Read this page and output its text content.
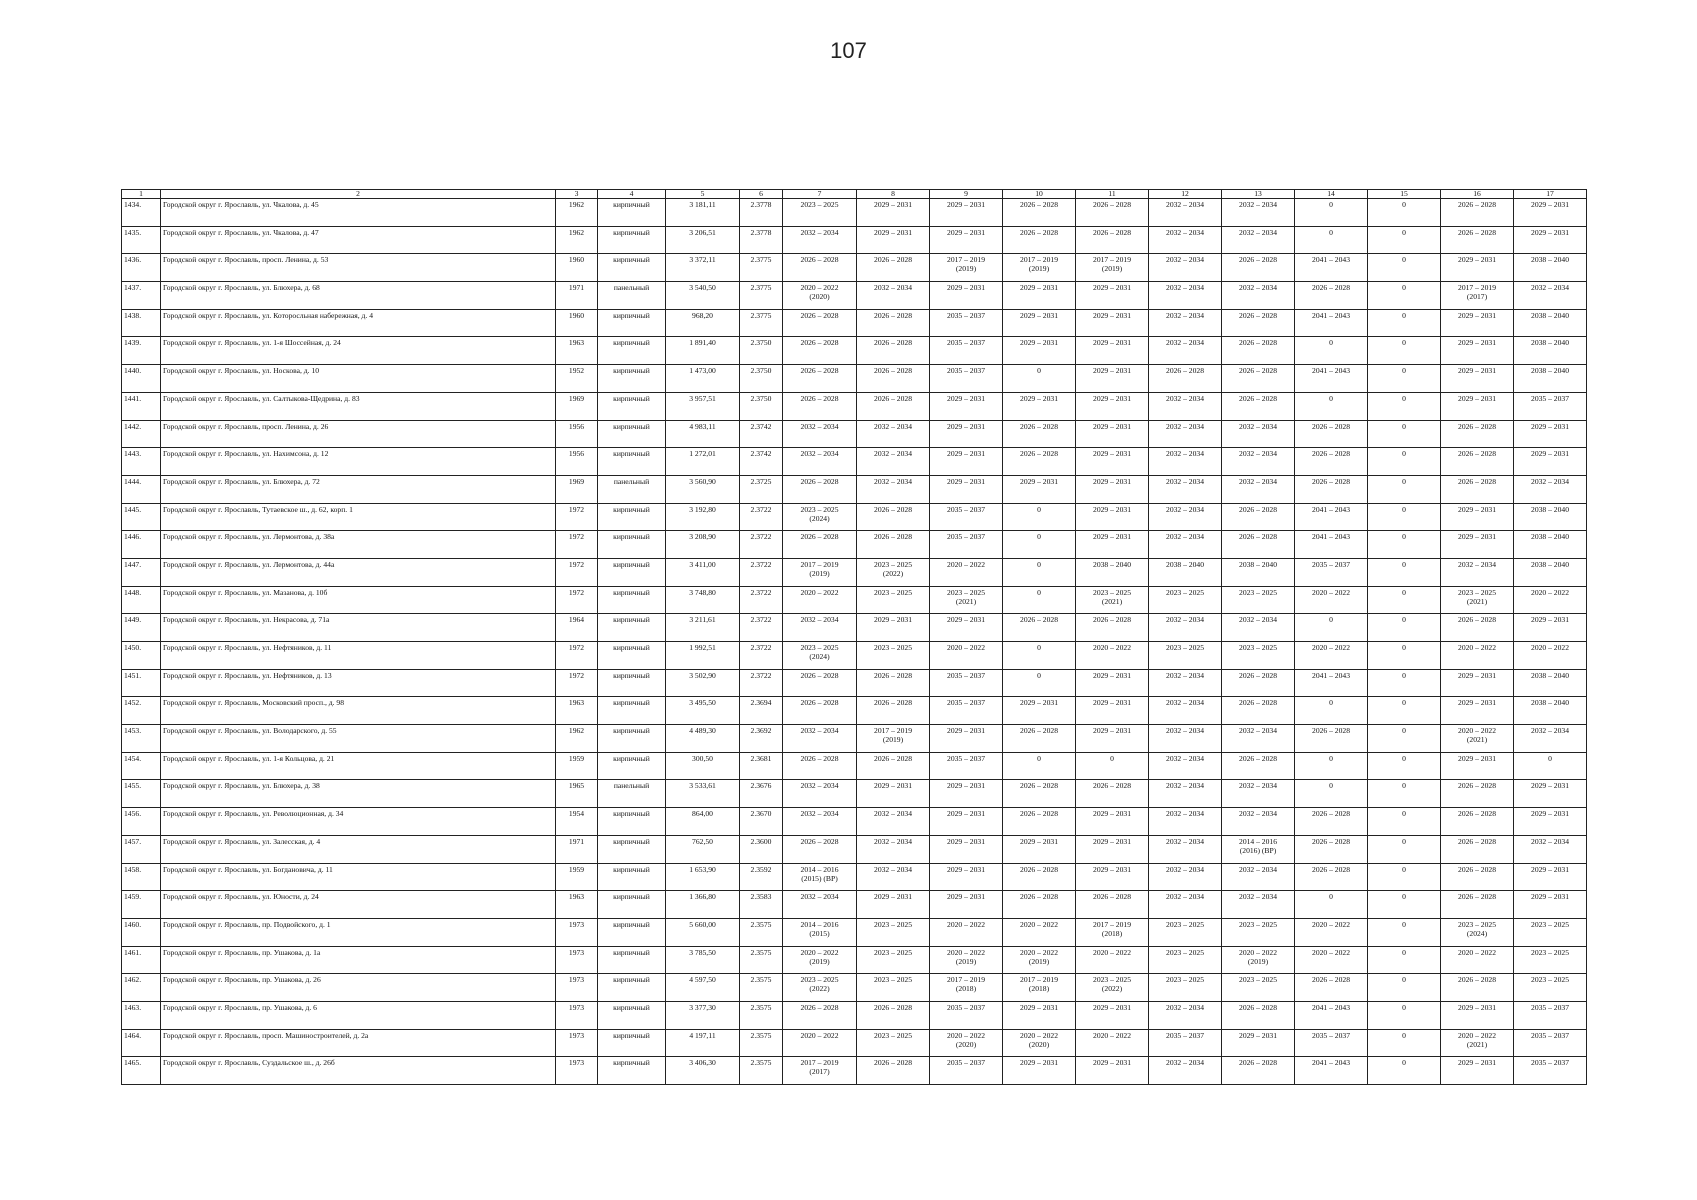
107
1	2	3	4	5	6	7	8	9	10	11	12	13	14	15	16	17
1434.	Городской округ г. Ярославль, ул. Чкалова, д. 45	1962	кирпичный	3 181,11	2.3778	2023 – 2025	2029 – 2031	2029 – 2031	2026 – 2028	2026 – 2028	2032 – 2034	2032 – 2034	0	0	2026 – 2028	2029 – 2031
1435.	Городской округ г. Ярославль, ул. Чкалова, д. 47	1962	кирпичный	3 206,51	2.3778	2032 – 2034	2029 – 2031	2029 – 2031	2026 – 2028	2026 – 2028	2032 – 2034	2032 – 2034	0	0	2026 – 2028	2029 – 2031
1436.	Городской округ г. Ярославль, просп. Ленина, д. 53	1960	кирпичный	3 372,11	2.3775	2026 – 2028	2026 – 2028	2017 – 2019
(2019)	2017 – 2019
(2019)	2017 – 2019
(2019)	2032 – 2034	2026 – 2028	2041 – 2043	0	2029 – 2031	2038 – 2040
1437.	Городской округ г. Ярославль, ул. Блюхера, д. 68	1971	панельный	3 540,50	2.3775	2020 – 2022
(2020)	2032 – 2034	2029 – 2031	2029 – 2031	2029 – 2031	2032 – 2034	2032 – 2034	2026 – 2028	0	2017 – 2019
(2017)	2032 – 2034
1438.	Городской округ г. Ярославль, ул. Которосльная набережная, д. 4	1960	кирпичный	968,20	2.3775	2026 – 2028	2026 – 2028	2035 – 2037	2029 – 2031	2029 – 2031	2032 – 2034	2026 – 2028	2041 – 2043	0	2029 – 2031	2038 – 2040
1439.	Городской округ г. Ярославль, ул. 1-я Шоссейная, д. 24	1963	кирпичный	1 891,40	2.3750	2026 – 2028	2026 – 2028	2035 – 2037	2029 – 2031	2029 – 2031	2032 – 2034	2026 – 2028	0	0	2029 – 2031	2038 – 2040
1440.	Городской округ г. Ярославль, ул. Носкова, д. 10	1952	кирпичный	1 473,00	2.3750	2026 – 2028	2026 – 2028	2035 – 2037	0	2029 – 2031	2026 – 2028	2026 – 2028	2041 – 2043	0	2029 – 2031	2038 – 2040
1441.	Городской округ г. Ярославль, ул. Салтыкова-Щедрина, д. 83	1969	кирпичный	3 957,51	2.3750	2026 – 2028	2026 – 2028	2029 – 2031	2029 – 2031	2029 – 2031	2032 – 2034	2026 – 2028	0	0	2029 – 2031	2035 – 2037
1442.	Городской округ г. Ярославль, просп. Ленина, д. 26	1956	кирпичный	4 983,11	2.3742	2032 – 2034	2032 – 2034	2029 – 2031	2026 – 2028	2029 – 2031	2032 – 2034	2032 – 2034	2026 – 2028	0	2026 – 2028	2029 – 2031
1443.	Городской округ г. Ярославль, ул. Нахимсона, д. 12	1956	кирпичный	1 272,01	2.3742	2032 – 2034	2032 – 2034	2029 – 2031	2026 – 2028	2029 – 2031	2032 – 2034	2032 – 2034	2026 – 2028	0	2026 – 2028	2029 – 2031
1444.	Городской округ г. Ярославль, ул. Блюхера, д. 72	1969	панельный	3 560,90	2.3725	2026 – 2028	2032 – 2034	2029 – 2031	2029 – 2031	2029 – 2031	2032 – 2034	2032 – 2034	2026 – 2028	0	2026 – 2028	2032 – 2034
1445.	Городской округ г. Ярославль, Тутаевское ш., д. 62, корп. 1	1972	кирпичный	3 192,80	2.3722	2023 – 2025
(2024)	2026 – 2028	2035 – 2037	0	2029 – 2031	2032 – 2034	2026 – 2028	2041 – 2043	0	2029 – 2031	2038 – 2040
1446.	Городской округ г. Ярославль, ул. Лермонтова, д. 38а	1972	кирпичный	3 208,90	2.3722	2026 – 2028	2026 – 2028	2035 – 2037	0	2029 – 2031	2032 – 2034	2026 – 2028	2041 – 2043	0	2029 – 2031	2038 – 2040
1447.	Городской округ г. Ярославль, ул. Лермонтова, д. 44а	1972	кирпичный	3 411,00	2.3722	2017 – 2019
(2019)	2023 – 2025
(2022)	2020 – 2022	0	2038 – 2040	2038 – 2040	2038 – 2040	2035 – 2037	0	2032 – 2034	2038 – 2040
1448.	Городской округ г. Ярославль, ул. Мазанова, д. 10б	1972	кирпичный	3 748,80	2.3722	2020 – 2022	2023 – 2025	2023 – 2025
(2021)	0	2023 – 2025
(2021)	2023 – 2025	2023 – 2025	2020 – 2022	0	2023 – 2025
(2021)	2020 – 2022
1449.	Городской округ г. Ярославль, ул. Некрасова, д. 71а	1964	кирпичный	3 211,61	2.3722	2032 – 2034	2029 – 2031	2029 – 2031	2026 – 2028	2026 – 2028	2032 – 2034	2032 – 2034	0	0	2026 – 2028	2029 – 2031
1450.	Городской округ г. Ярославль, ул. Нефтяников, д. 11	1972	кирпичный	1 992,51	2.3722	2023 – 2025
(2024)	2023 – 2025	2020 – 2022	0	2020 – 2022	2023 – 2025	2023 – 2025	2020 – 2022	0	2020 – 2022	2020 – 2022
1451.	Городской округ г. Ярославль, ул. Нефтяников, д. 13	1972	кирпичный	3 502,90	2.3722	2026 – 2028	2026 – 2028	2035 – 2037	0	2029 – 2031	2032 – 2034	2026 – 2028	2041 – 2043	0	2029 – 2031	2038 – 2040
1452.	Городской округ г. Ярославль, Московский просп., д. 98	1963	кирпичный	3 495,50	2.3694	2026 – 2028	2026 – 2028	2035 – 2037	2029 – 2031	2029 – 2031	2032 – 2034	2026 – 2028	0	0	2029 – 2031	2038 – 2040
1453.	Городской округ г. Ярославль, ул. Володарского, д. 55	1962	кирпичный	4 489,30	2.3692	2032 – 2034	2017 – 2019
(2019)	2029 – 2031	2026 – 2028	2029 – 2031	2032 – 2034	2032 – 2034	2026 – 2028	0	2020 – 2022
(2021)	2032 – 2034
1454.	Городской округ г. Ярославль, ул. 1-я Кольцова, д. 21	1959	кирпичный	300,50	2.3681	2026 – 2028	2026 – 2028	2035 – 2037	0	0	2032 – 2034	2026 – 2028	0	0	2029 – 2031	0
1455.	Городской округ г. Ярославль, ул. Блюхера, д. 38	1965	панельный	3 533,61	2.3676	2032 – 2034	2029 – 2031	2029 – 2031	2026 – 2028	2026 – 2028	2032 – 2034	2032 – 2034	0	0	2026 – 2028	2029 – 2031
1456.	Городской округ г. Ярославль, ул. Революционная, д. 34	1954	кирпичный	864,00	2.3670	2032 – 2034	2032 – 2034	2029 – 2031	2026 – 2028	2029 – 2031	2032 – 2034	2032 – 2034	2026 – 2028	0	2026 – 2028	2029 – 2031
1457.	Городской округ г. Ярославль, ул. Залесская, д. 4	1971	кирпичный	762,50	2.3600	2026 – 2028	2032 – 2034	2029 – 2031	2029 – 2031	2029 – 2031	2032 – 2034	2014 – 2016
(2016) (ВР)	2026 – 2028	0	2026 – 2028	2032 – 2034
1458.	Городской округ г. Ярославль, ул. Богдановича, д. 11	1959	кирпичный	1 653,90	2.3592	2014 – 2016
(2015) (ВР)	2032 – 2034	2029 – 2031	2026 – 2028	2029 – 2031	2032 – 2034	2032 – 2034	2026 – 2028	0	2026 – 2028	2029 – 2031
1459.	Городской округ г. Ярославль, ул. Юности, д. 24	1963	кирпичный	1 366,80	2.3583	2032 – 2034	2029 – 2031	2029 – 2031	2026 – 2028	2026 – 2028	2032 – 2034	2032 – 2034	0	0	2026 – 2028	2029 – 2031
1460.	Городской округ г. Ярославль, пр. Подвойского, д. 1	1973	кирпичный	5 660,00	2.3575	2014 – 2016
(2015)	2023 – 2025	2020 – 2022	2020 – 2022	2017 – 2019
(2018)	2023 – 2025	2023 – 2025	2020 – 2022	0	2023 – 2025
(2024)	2023 – 2025
1461.	Городской округ г. Ярославль, пр. Ушакова, д. 1а	1973	кирпичный	3 785,50	2.3575	2020 – 2022
(2019)	2023 – 2025	2020 – 2022
(2019)	2020 – 2022
(2019)	2020 – 2022	2023 – 2025	2020 – 2022
(2019)	2020 – 2022	0	2020 – 2022	2023 – 2025
1462.	Городской округ г. Ярославль, пр. Ушакова, д. 26	1973	кирпичный	4 597,50	2.3575	2023 – 2025
(2022)	2023 – 2025	2017 – 2019
(2018)	2017 – 2019
(2018)	2023 – 2025
(2022)	2023 – 2025	2023 – 2025	2026 – 2028	0	2026 – 2028	2023 – 2025
1463.	Городской округ г. Ярославль, пр. Ушакова, д. 6	1973	кирпичный	3 377,30	2.3575	2026 – 2028	2026 – 2028	2035 – 2037	2029 – 2031	2029 – 2031	2032 – 2034	2026 – 2028	2041 – 2043	0	2029 – 2031	2035 – 2037
1464.	Городской округ г. Ярославль, просп. Машиностроителей, д. 2а	1973	кирпичный	4 197,11	2.3575	2020 – 2022	2023 – 2025	2020 – 2022
(2020)	2020 – 2022
(2020)	2020 – 2022	2035 – 2037	2029 – 2031	2035 – 2037	0	2020 – 2022
(2021)	2035 – 2037
1465.	Городской округ г. Ярославль, Суздальское ш., д. 26б	1973	кирпичный	3 406,30	2.3575	2017 – 2019
(2017)	2026 – 2028	2035 – 2037	2029 – 2031	2029 – 2031	2032 – 2034	2026 – 2028	2041 – 2043	0	2029 – 2031	2035 – 2037
